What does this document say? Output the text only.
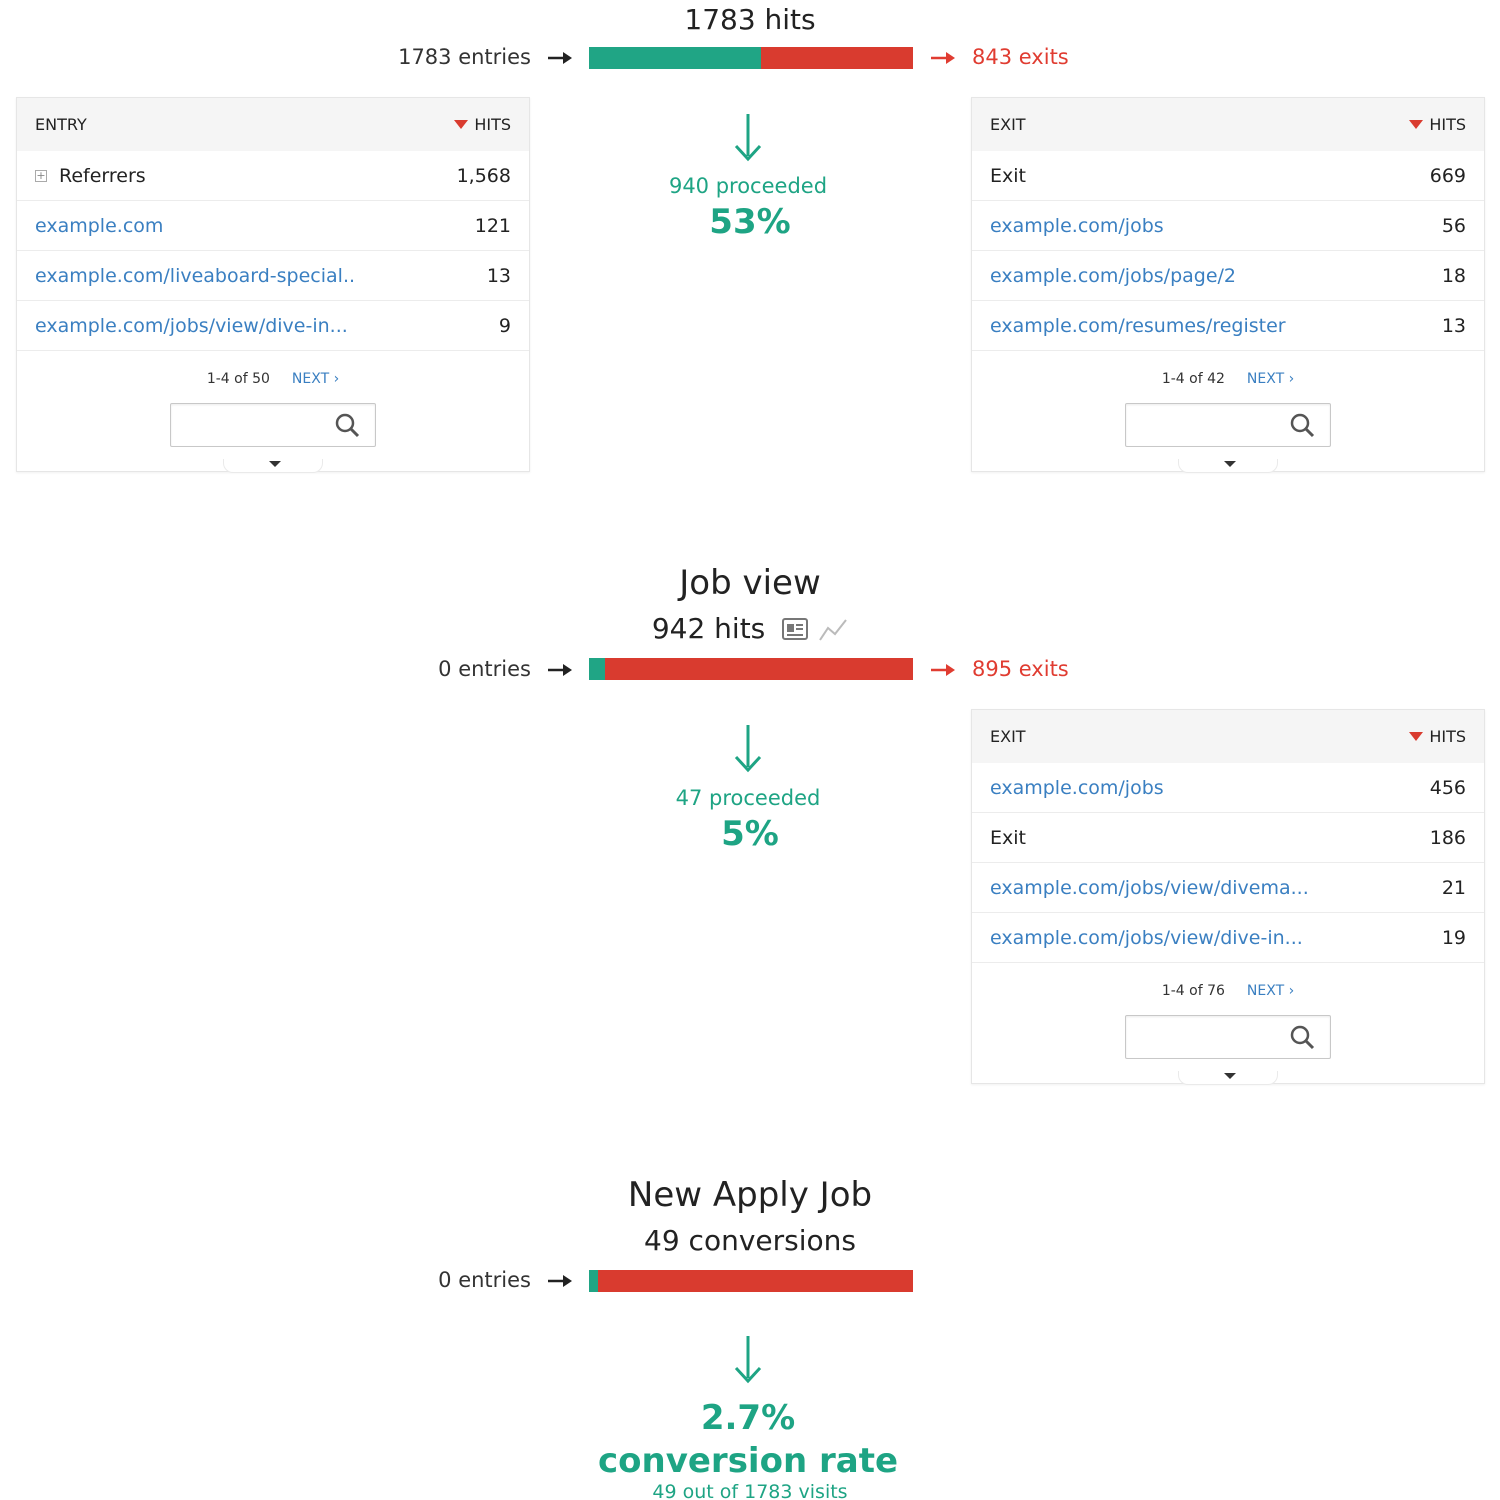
1783 hits
1783 entries	843 exits
940 proceeded
53%
ENTRY	HITS
+ Referrers	1,568
example.com	121
example.com/liveaboard-special..	13
example.com/jobs/view/dive-in...	9
1-4 of 50 NEXT ›
EXIT	HITS
Exit	669
example.com/jobs	56
example.com/jobs/page/2	18
example.com/resumes/register	13
1-4 of 42 NEXT ›
Job view
942 hits
0 entries	895 exits
47 proceeded
5%
EXIT	HITS
example.com/jobs	456
Exit	186
example.com/jobs/view/divema...	21
example.com/jobs/view/dive-in...	19
1-4 of 76 NEXT ›
New Apply Job
49 conversions
0 entries
2.7%
conversion rate
49 out of 1783 visits
